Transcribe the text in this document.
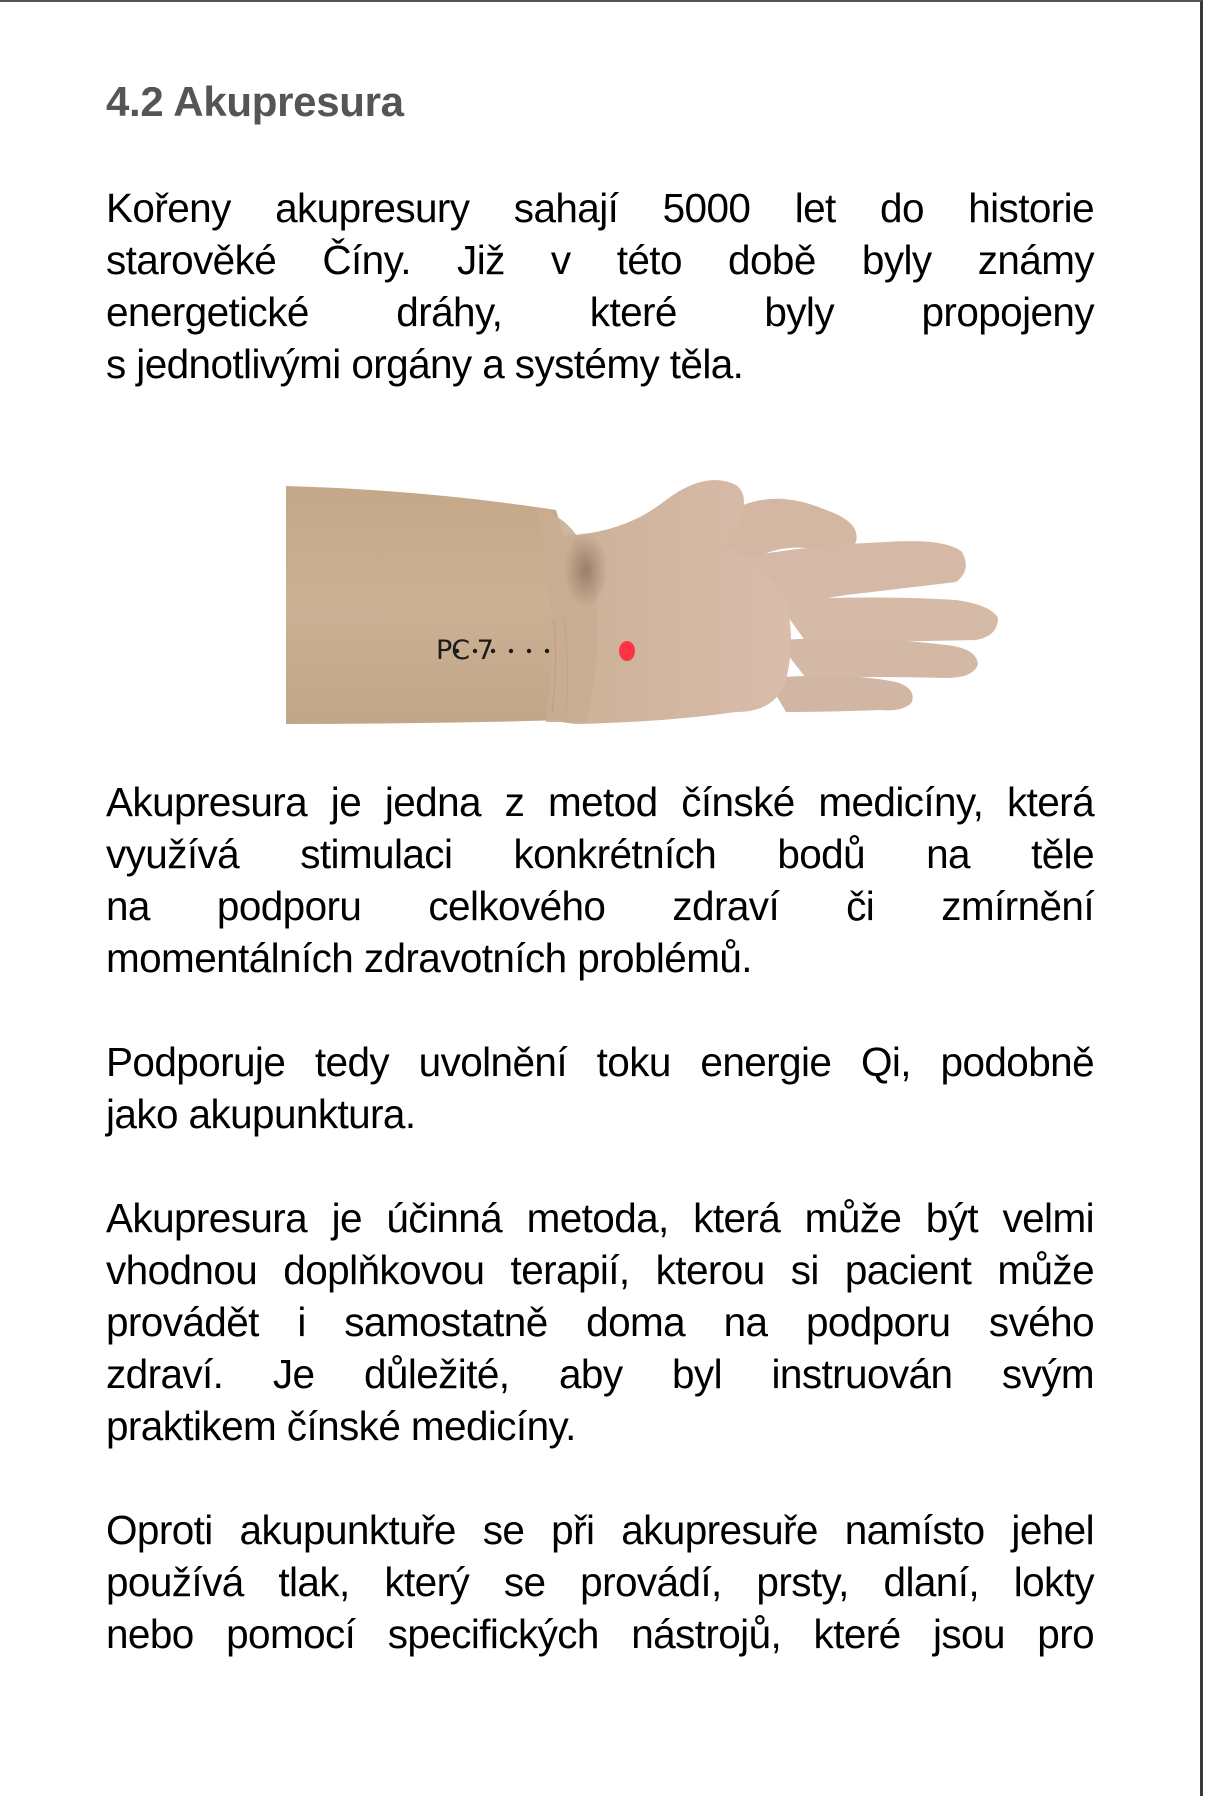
4.2 Akupresura

Kořeny akupresury sahají 5000 let do historie
starověké Číny. Již v této době byly známy
energetické dráhy, které byly propojeny
s jednotlivými orgány a systémy těla.

PC 7

Akupresura je jedna z metod čínské medicíny, která
využívá stimulaci konkrétních bodů na těle
na podporu celkového zdraví či zmírnění
momentálních zdravotních problémů.

Podporuje tedy uvolnění toku energie Qi, podobně
jako akupunktura.

Akupresura je účinná metoda, která může být velmi
vhodnou doplňkovou terapií, kterou si pacient může
provádět i samostatně doma na podporu svého
zdraví. Je důležité, aby byl instruován svým
praktikem čínské medicíny.

Oproti akupunktuře se při akupresuře namísto jehel
používá tlak, který se provádí, prsty, dlaní, lokty
nebo pomocí specifických nástrojů, které jsou pro
